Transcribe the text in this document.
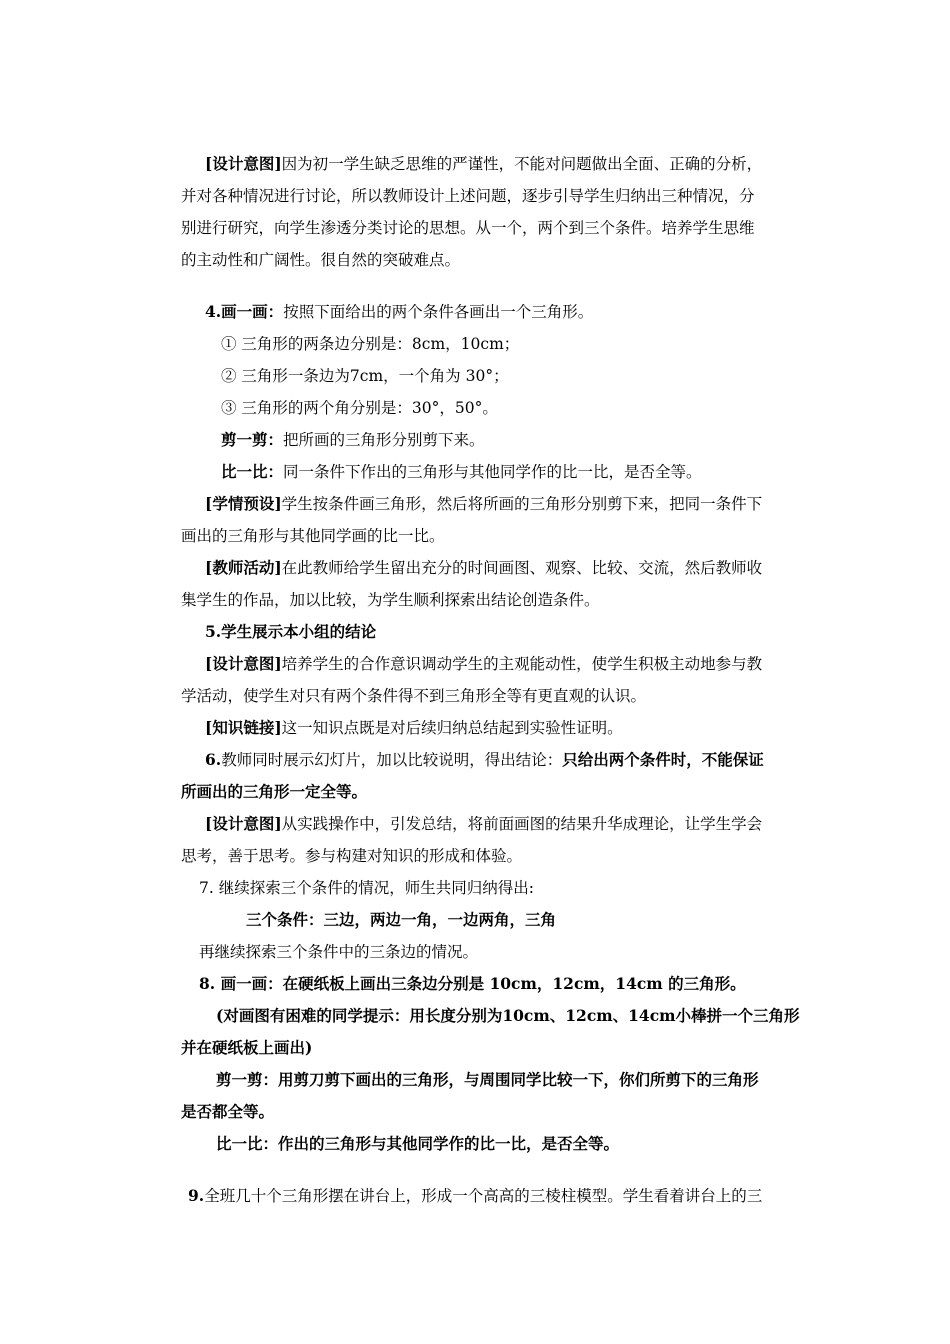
[设计意图]因为初一学生缺乏思维的严谨性，不能对问题做出全面、正确的分析，
并对各种情况进行讨论，所以教师设计上述问题，逐步引导学生归纳出三种情况，分
别进行研究，向学生渗透分类讨论的思想。从一个，两个到三个条件。培养学生思维
的主动性和广阔性。很自然的突破难点。
4.画一画：按照下面给出的两个条件各画出一个三角形。
① 三角形的两条边分别是：8cm，10cm；
② 三角形一条边为7cm，一个角为 30°；
③ 三角形的两个角分别是：30°，50°。
剪一剪：把所画的三角形分别剪下来。
比一比：同一条件下作出的三角形与其他同学作的比一比，是否全等。
[学情预设]学生按条件画三角形，然后将所画的三角形分别剪下来，把同一条件下
画出的三角形与其他同学画的比一比。
[教师活动]在此教师给学生留出充分的时间画图、观察、比较、交流，然后教师收
集学生的作品，加以比较，为学生顺利探索出结论创造条件。
5.学生展示本小组的结论
[设计意图]培养学生的合作意识调动学生的主观能动性，使学生积极主动地参与教
学活动，使学生对只有两个条件得不到三角形全等有更直观的认识。
[知识链接]这一知识点既是对后续归纳总结起到实验性证明。
6.教师同时展示幻灯片，加以比较说明，得出结论：只给出两个条件时，不能保证
所画出的三角形一定全等。
[设计意图]从实践操作中，引发总结，将前面画图的结果升华成理论，让学生学会
思考，善于思考。参与构建对知识的形成和体验。
7. 继续探索三个条件的情况，师生共同归纳得出:
三个条件：三边，两边一角，一边两角，三角
再继续探索三个条件中的三条边的情况。
8. 画一画：在硬纸板上画出三条边分别是 10cm，12cm，14cm 的三角形。
(对画图有困难的同学提示：用长度分别为10cm、12cm、14cm小棒拼一个三角形
并在硬纸板上画出)
剪一剪：用剪刀剪下画出的三角形，与周围同学比较一下，你们所剪下的三角形
是否都全等。
比一比：作出的三角形与其他同学作的比一比，是否全等。
9.全班几十个三角形摆在讲台上，形成一个高高的三棱柱模型。学生看着讲台上的三
